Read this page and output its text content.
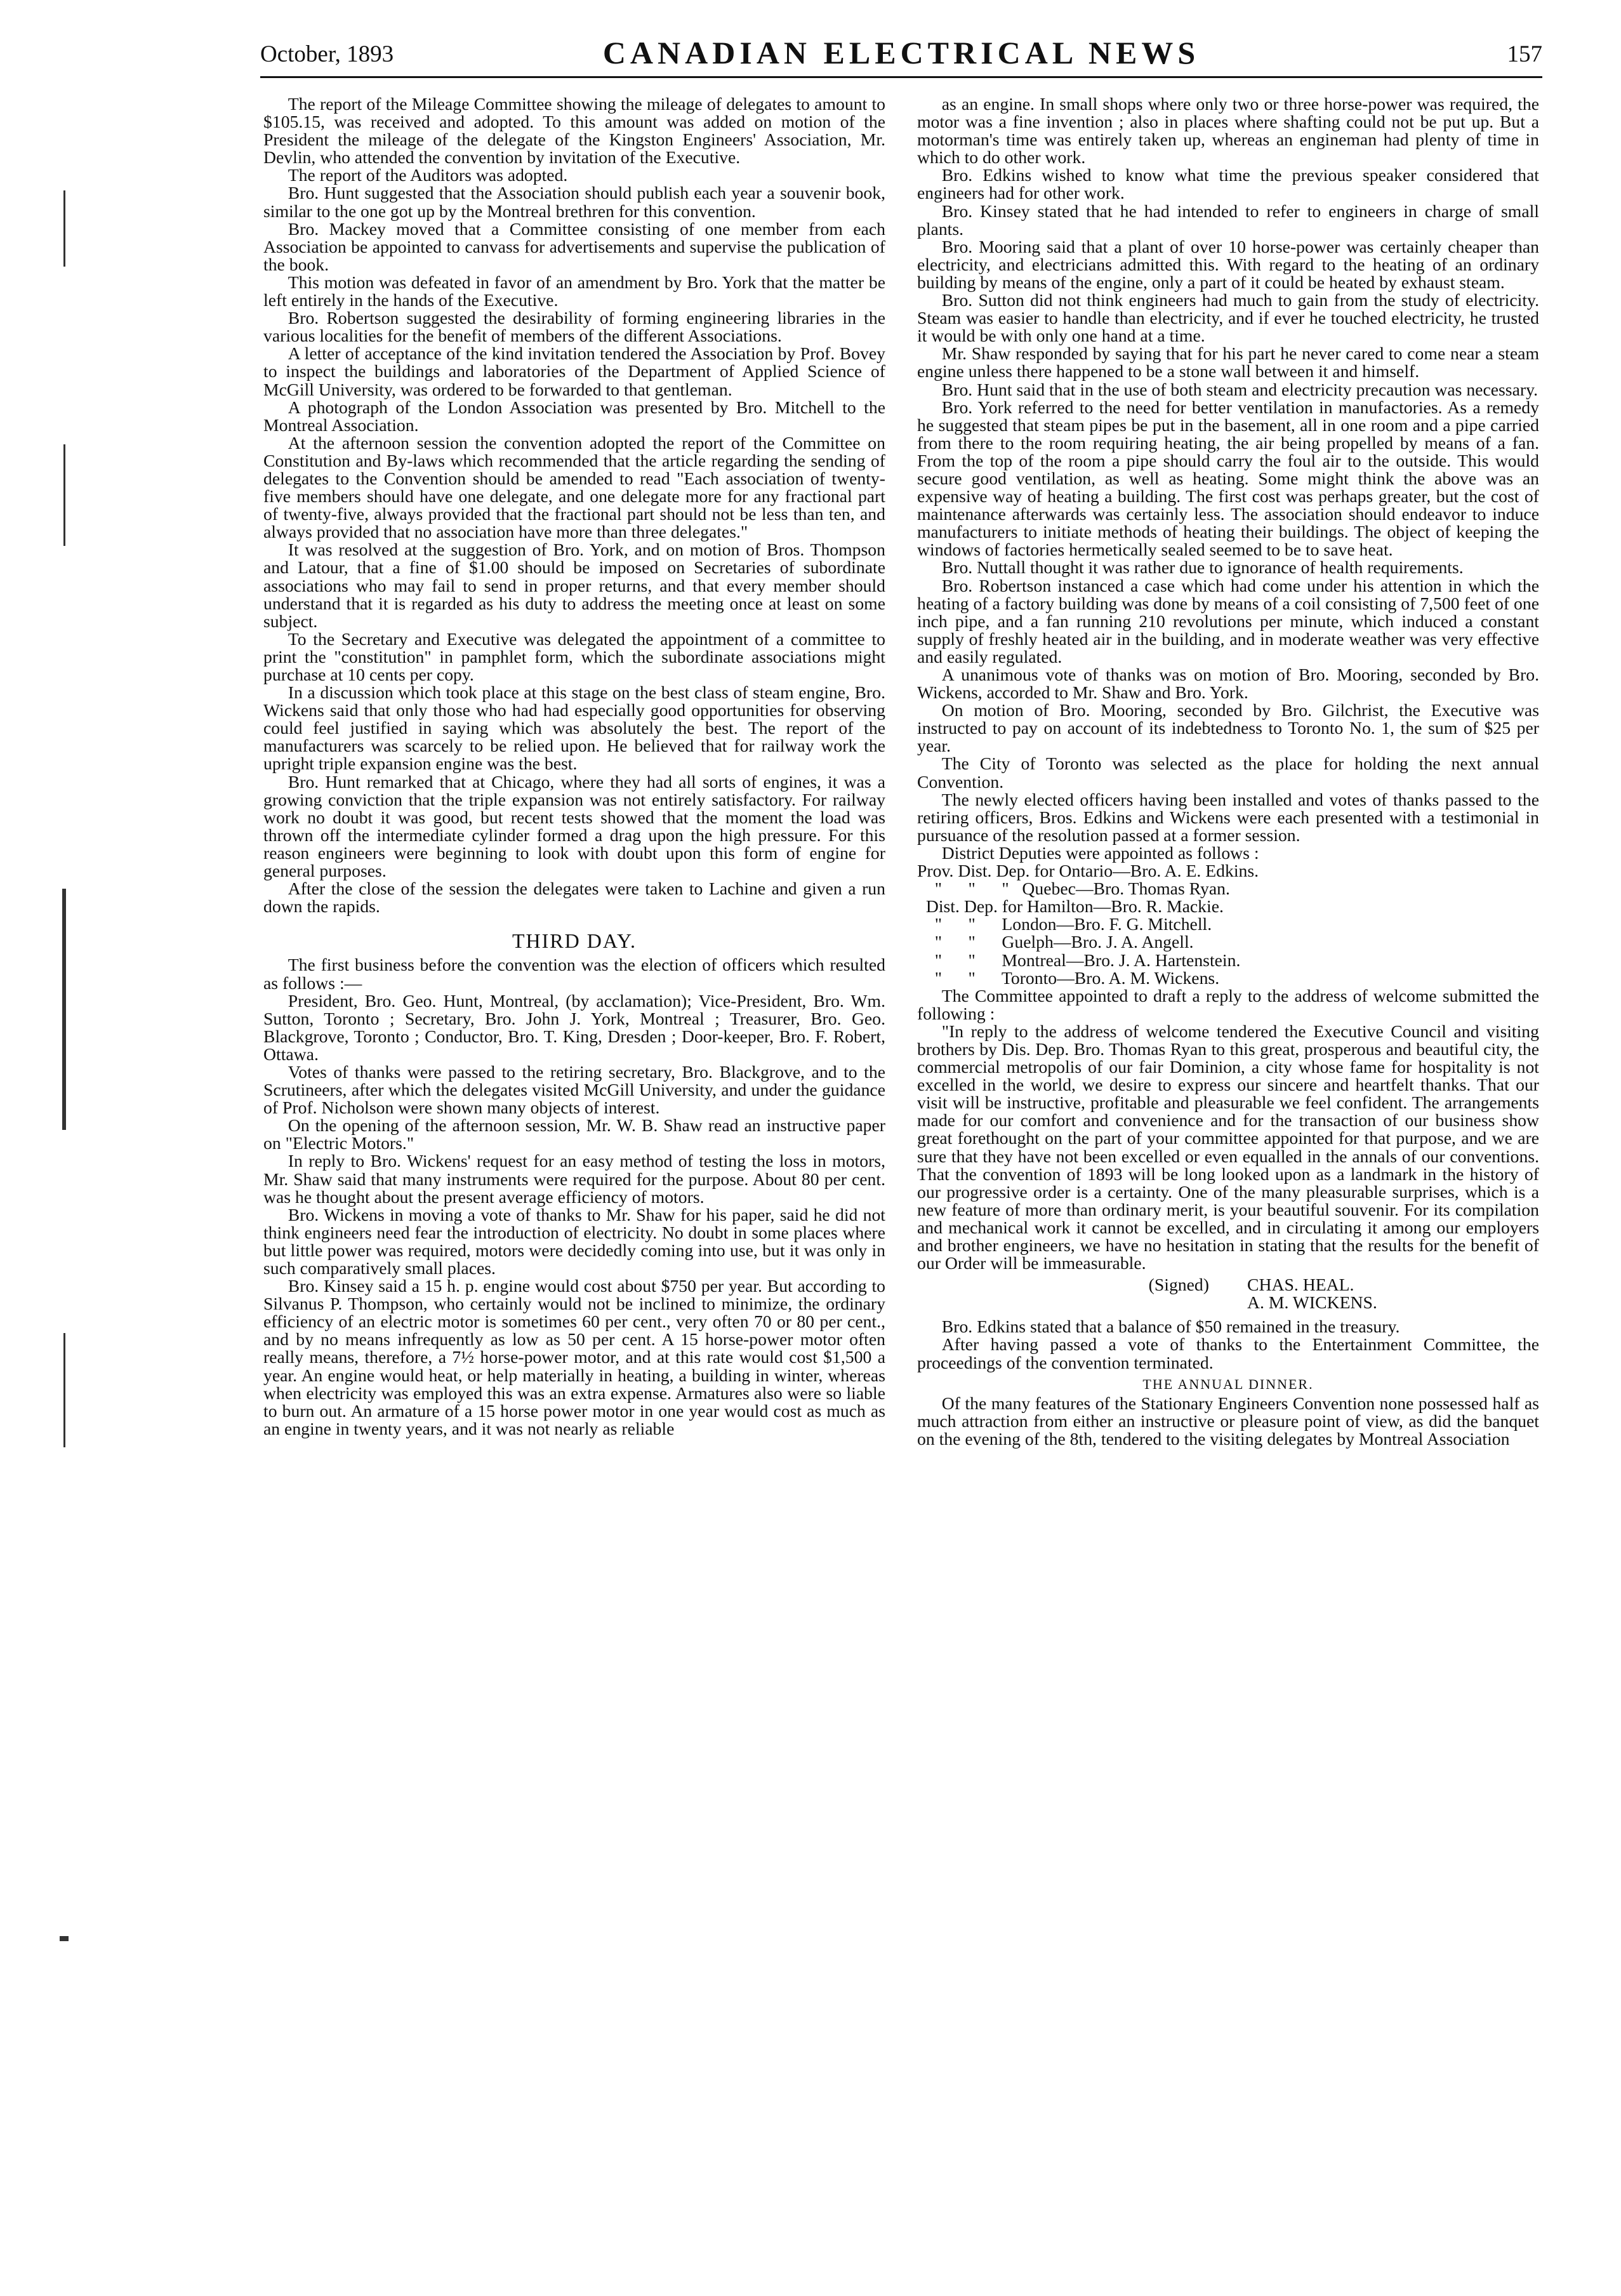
October, 1893	CANADIAN ELECTRICAL NEWS	157

The report of the Mileage Committee showing the mileage of delegates to amount to $105.15, was received and adopted. To this amount was added on motion of the President the mileage of the delegate of the Kingston Engineers' Association, Mr. Devlin, who attended the convention by invitation of the Executive.

The report of the Auditors was adopted.

Bro. Hunt suggested that the Association should publish each year a souvenir book, similar to the one got up by the Montreal brethren for this convention.

Bro. Mackey moved that a Committee consisting of one member from each Association be appointed to canvass for advertisements and supervise the publication of the book.

This motion was defeated in favor of an amendment by Bro. York that the matter be left entirely in the hands of the Executive.

Bro. Robertson suggested the desirability of forming engineering libraries in the various localities for the benefit of members of the different Associations.

A letter of acceptance of the kind invitation tendered the Association by Prof. Bovey to inspect the buildings and laboratories of the Department of Applied Science of McGill University, was ordered to be forwarded to that gentleman.

A photograph of the London Association was presented by Bro. Mitchell to the Montreal Association.

At the afternoon session the convention adopted the report of the Committee on Constitution and By-laws which recommended that the article regarding the sending of delegates to the Convention should be amended to read "Each association of twenty-five members should have one delegate, and one delegate more for any fractional part of twenty-five, always provided that the fractional part should not be less than ten, and always provided that no association have more than three delegates."

It was resolved at the suggestion of Bro. York, and on motion of Bros. Thompson and Latour, that a fine of $1.00 should be imposed on Secretaries of subordinate associations who may fail to send in proper returns, and that every member should understand that it is regarded as his duty to address the meeting once at least on some subject.

To the Secretary and Executive was delegated the appointment of a committee to print the "constitution" in pamphlet form, which the subordinate associations might purchase at 10 cents per copy.

In a discussion which took place at this stage on the best class of steam engine, Bro. Wickens said that only those who had had especially good opportunities for observing could feel justified in saying which was absolutely the best. The report of the manufacturers was scarcely to be relied upon. He believed that for railway work the upright triple expansion engine was the best.

Bro. Hunt remarked that at Chicago, where they had all sorts of engines, it was a growing conviction that the triple expansion was not entirely satisfactory. For railway work no doubt it was good, but recent tests showed that the moment the load was thrown off the intermediate cylinder formed a drag upon the high pressure. For this reason engineers were beginning to look with doubt upon this form of engine for general purposes.

After the close of the session the delegates were taken to Lachine and given a run down the rapids.

THIRD DAY.

The first business before the convention was the election of officers which resulted as follows :—

President, Bro. Geo. Hunt, Montreal, (by acclamation); Vice-President, Bro. Wm. Sutton, Toronto ; Secretary, Bro. John J. York, Montreal ; Treasurer, Bro. Geo. Blackgrove, Toronto ; Conductor, Bro. T. King, Dresden ; Door-keeper, Bro. F. Robert, Ottawa.

Votes of thanks were passed to the retiring secretary, Bro. Blackgrove, and to the Scrutineers, after which the delegates visited McGill University, and under the guidance of Prof. Nicholson were shown many objects of interest.

On the opening of the afternoon session, Mr. W. B. Shaw read an instructive paper on "Electric Motors."

In reply to Bro. Wickens' request for an easy method of testing the loss in motors, Mr. Shaw said that many instruments were required for the purpose. About 80 per cent. was he thought about the present average efficiency of motors.

Bro. Wickens in moving a vote of thanks to Mr. Shaw for his paper, said he did not think engineers need fear the introduction of electricity. No doubt in some places where but little power was required, motors were decidedly coming into use, but it was only in such comparatively small places.

Bro. Kinsey said a 15 h. p. engine would cost about $750 per year. But according to Silvanus P. Thompson, who certainly would not be inclined to minimize, the ordinary efficiency of an electric motor is sometimes 60 per cent., very often 70 or 80 per cent., and by no means infrequently as low as 50 per cent. A 15 horse-power motor often really means, therefore, a 7½ horse-power motor, and at this rate would cost $1,500 a year. An engine would heat, or help materially in heating, a building in winter, whereas when electricity was employed this was an extra expense. Armatures also were so liable to burn out. An armature of a 15 horse power motor in one year would cost as much as an engine in twenty years, and it was not nearly as reliable

as an engine. In small shops where only two or three horse-power was required, the motor was a fine invention ; also in places where shafting could not be put up. But a motorman's time was entirely taken up, whereas an engineman had plenty of time in which to do other work.

Bro. Edkins wished to know what time the previous speaker considered that engineers had for other work.

Bro. Kinsey stated that he had intended to refer to engineers in charge of small plants.

Bro. Mooring said that a plant of over 10 horse-power was certainly cheaper than electricity, and electricians admitted this. With regard to the heating of an ordinary building by means of the engine, only a part of it could be heated by exhaust steam.

Bro. Sutton did not think engineers had much to gain from the study of electricity. Steam was easier to handle than electricity, and if ever he touched electricity, he trusted it would be with only one hand at a time.

Mr. Shaw responded by saying that for his part he never cared to come near a steam engine unless there happened to be a stone wall between it and himself.

Bro. Hunt said that in the use of both steam and electricity precaution was necessary.

Bro. York referred to the need for better ventilation in manufactories. As a remedy he suggested that steam pipes be put in the basement, all in one room and a pipe carried from there to the room requiring heating, the air being propelled by means of a fan. From the top of the room a pipe should carry the foul air to the outside. This would secure good ventilation, as well as heating. Some might think the above was an expensive way of heating a building. The first cost was perhaps greater, but the cost of maintenance afterwards was certainly less. The association should endeavor to induce manufacturers to initiate methods of heating their buildings. The object of keeping the windows of factories hermetically sealed seemed to be to save heat.

Bro. Nuttall thought it was rather due to ignorance of health requirements.

Bro. Robertson instanced a case which had come under his attention in which the heating of a factory building was done by means of a coil consisting of 7,500 feet of one inch pipe, and a fan running 210 revolutions per minute, which induced a constant supply of freshly heated air in the building, and in moderate weather was very effective and easily regulated.

A unanimous vote of thanks was on motion of Bro. Mooring, seconded by Bro. Wickens, accorded to Mr. Shaw and Bro. York.

On motion of Bro. Mooring, seconded by Bro. Gilchrist, the Executive was instructed to pay on account of its indebtedness to Toronto No. 1, the sum of $25 per year.

The City of Toronto was selected as the place for holding the next annual Convention.

The newly elected officers having been installed and votes of thanks passed to the retiring officers, Bros. Edkins and Wickens were each presented with a testimonial in pursuance of the resolution passed at a former session.

District Deputies were appointed as follows :

Prov. Dist. Dep. for Ontario—Bro. A. E. Edkins.
"      "      "   Quebec—Bro. Thomas Ryan.
Dist. Dep. for Hamilton—Bro. R. Mackie.
"      "      London—Bro. F. G. Mitchell.
"      "      Guelph—Bro. J. A. Angell.
"      "      Montreal—Bro. J. A. Hartenstein.
"      "      Toronto—Bro. A. M. Wickens.

The Committee appointed to draft a reply to the address of welcome submitted the following :

"In reply to the address of welcome tendered the Executive Council and visiting brothers by Dis. Dep. Bro. Thomas Ryan to this great, prosperous and beautiful city, the commercial metropolis of our fair Dominion, a city whose fame for hospitality is not excelled in the world, we desire to express our sincere and heartfelt thanks. That our visit will be instructive, profitable and pleasurable we feel confident. The arrangements made for our comfort and convenience and for the transaction of our business show great forethought on the part of your committee appointed for that purpose, and we are sure that they have not been excelled or even equalled in the annals of our conventions. That the convention of 1893 will be long looked upon as a landmark in the history of our progressive order is a certainty. One of the many pleasurable surprises, which is a new feature of more than ordinary merit, is your beautiful souvenir. For its compilation and mechanical work it cannot be excelled, and in circulating it among our employers and brother engineers, we have no hesitation in stating that the results for the benefit of our Order will be immeasurable.

(Signed) CHAS. HEAL.
A. M. WICKENS.

Bro. Edkins stated that a balance of $50 remained in the treasury.

After having passed a vote of thanks to the Entertainment Committee, the proceedings of the convention terminated.

THE ANNUAL DINNER.

Of the many features of the Stationary Engineers Convention none possessed half as much attraction from either an instructive or pleasure point of view, as did the banquet on the evening of the 8th, tendered to the visiting delegates by Montreal Association
